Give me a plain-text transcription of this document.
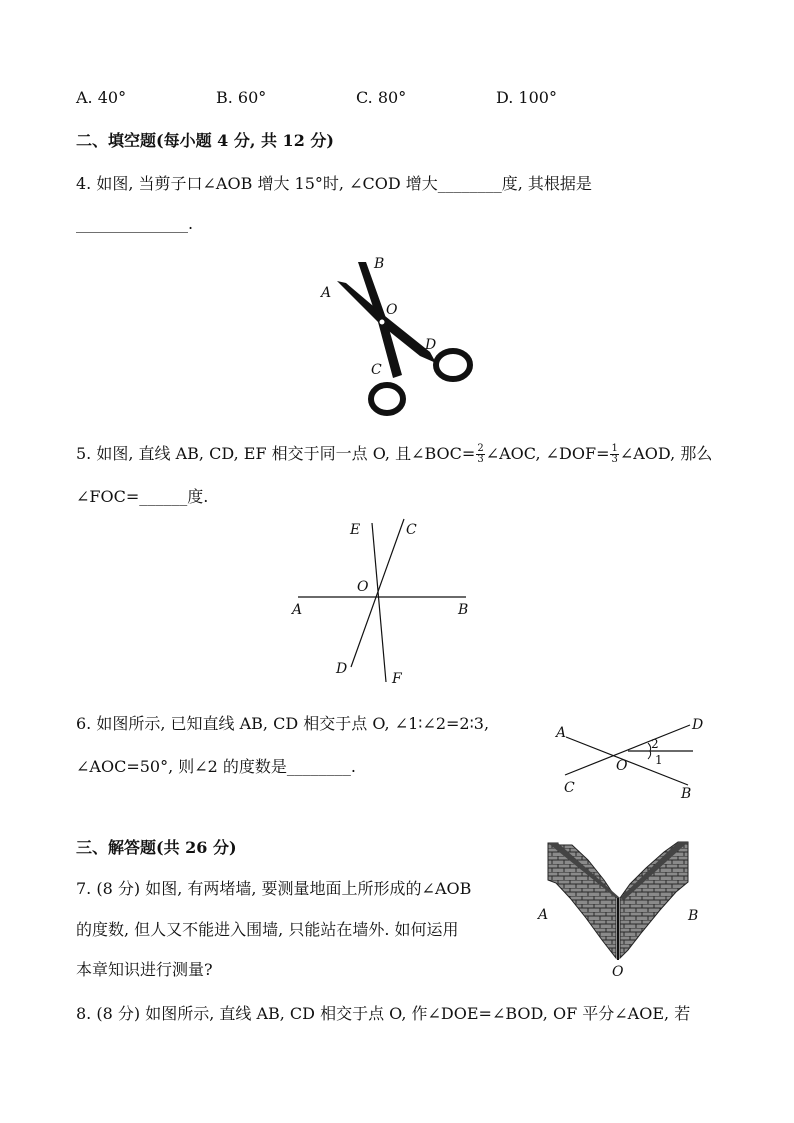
A. 40°	B. 60°	C. 80°	D. 100°
二、填空题(每小题 4 分, 共 12 分)
4. 如图, 当剪子口∠AOB 增大 15°时, ∠COD 增大________度, 其根据是
______________.
B
A
O
D
C
5. 如图, 直线 AB, CD, EF 相交于同一点 O, 且∠BOC= $\frac{2}{3}$ ∠AOC, ∠DOF= $\frac{1}{3}$ ∠AOD, 那么
∠FOC=______度.
E	C
O
A	B
D
F
6. 如图所示, 已知直线 AB, CD 相交于点 O, ∠1∶∠2=2∶3,
∠AOC=50°, 则∠2 的度数是________.
A	D
O
C	B
2
1
三、解答题(共 26 分)
7. (8 分) 如图, 有两堵墙, 要测量地面上所形成的∠AOB
的度数, 但人又不能进入围墙, 只能站在墙外. 如何运用
本章知识进行测量?
A	B
O
8. (8 分) 如图所示, 直线 AB, CD 相交于点 O, 作∠DOE=∠BOD, OF 平分∠AOE, 若
